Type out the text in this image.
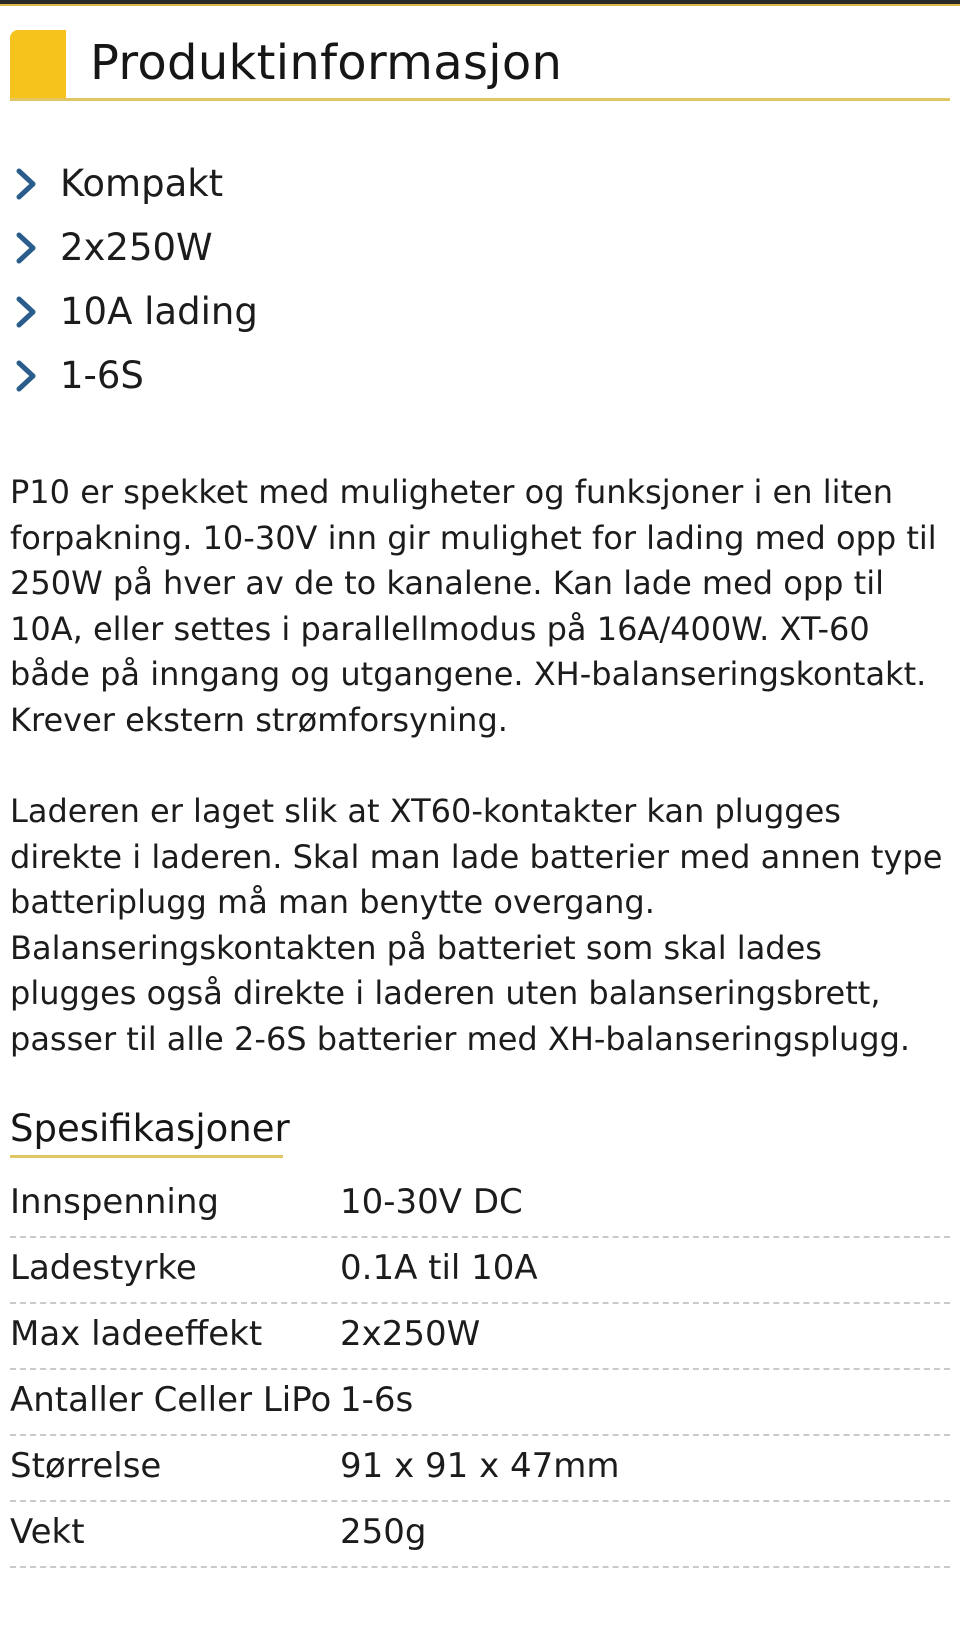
Produktinformasjon
Kompakt
2x250W
10A lading
1-6S

P10 er spekket med muligheter og funksjoner i en liten forpakning. 10-30V inn gir mulighet for lading med opp til 250W på hver av de to kanalene. Kan lade med opp til 10A, eller settes i parallellmodus på 16A/400W. XT-60 både på inngang og utgangene. XH-balanseringskontakt. Krever ekstern strømforsyning.

Laderen er laget slik at XT60-kontakter kan plugges direkte i laderen. Skal man lade batterier med annen type batteriplugg må man benytte overgang. Balanseringskontakten på batteriet som skal lades plugges også direkte i laderen uten balanseringsbrett, passer til alle 2-6S batterier med XH-balanseringsplugg.

Spesifikasjoner
Innspenning	10-30V DC
Ladestyrke	0.1A til 10A
Max ladeeffekt	2x250W
Antaller Celler LiPo 1-6s
Størrelse	91 x 91 x 47mm
Vekt	250g
